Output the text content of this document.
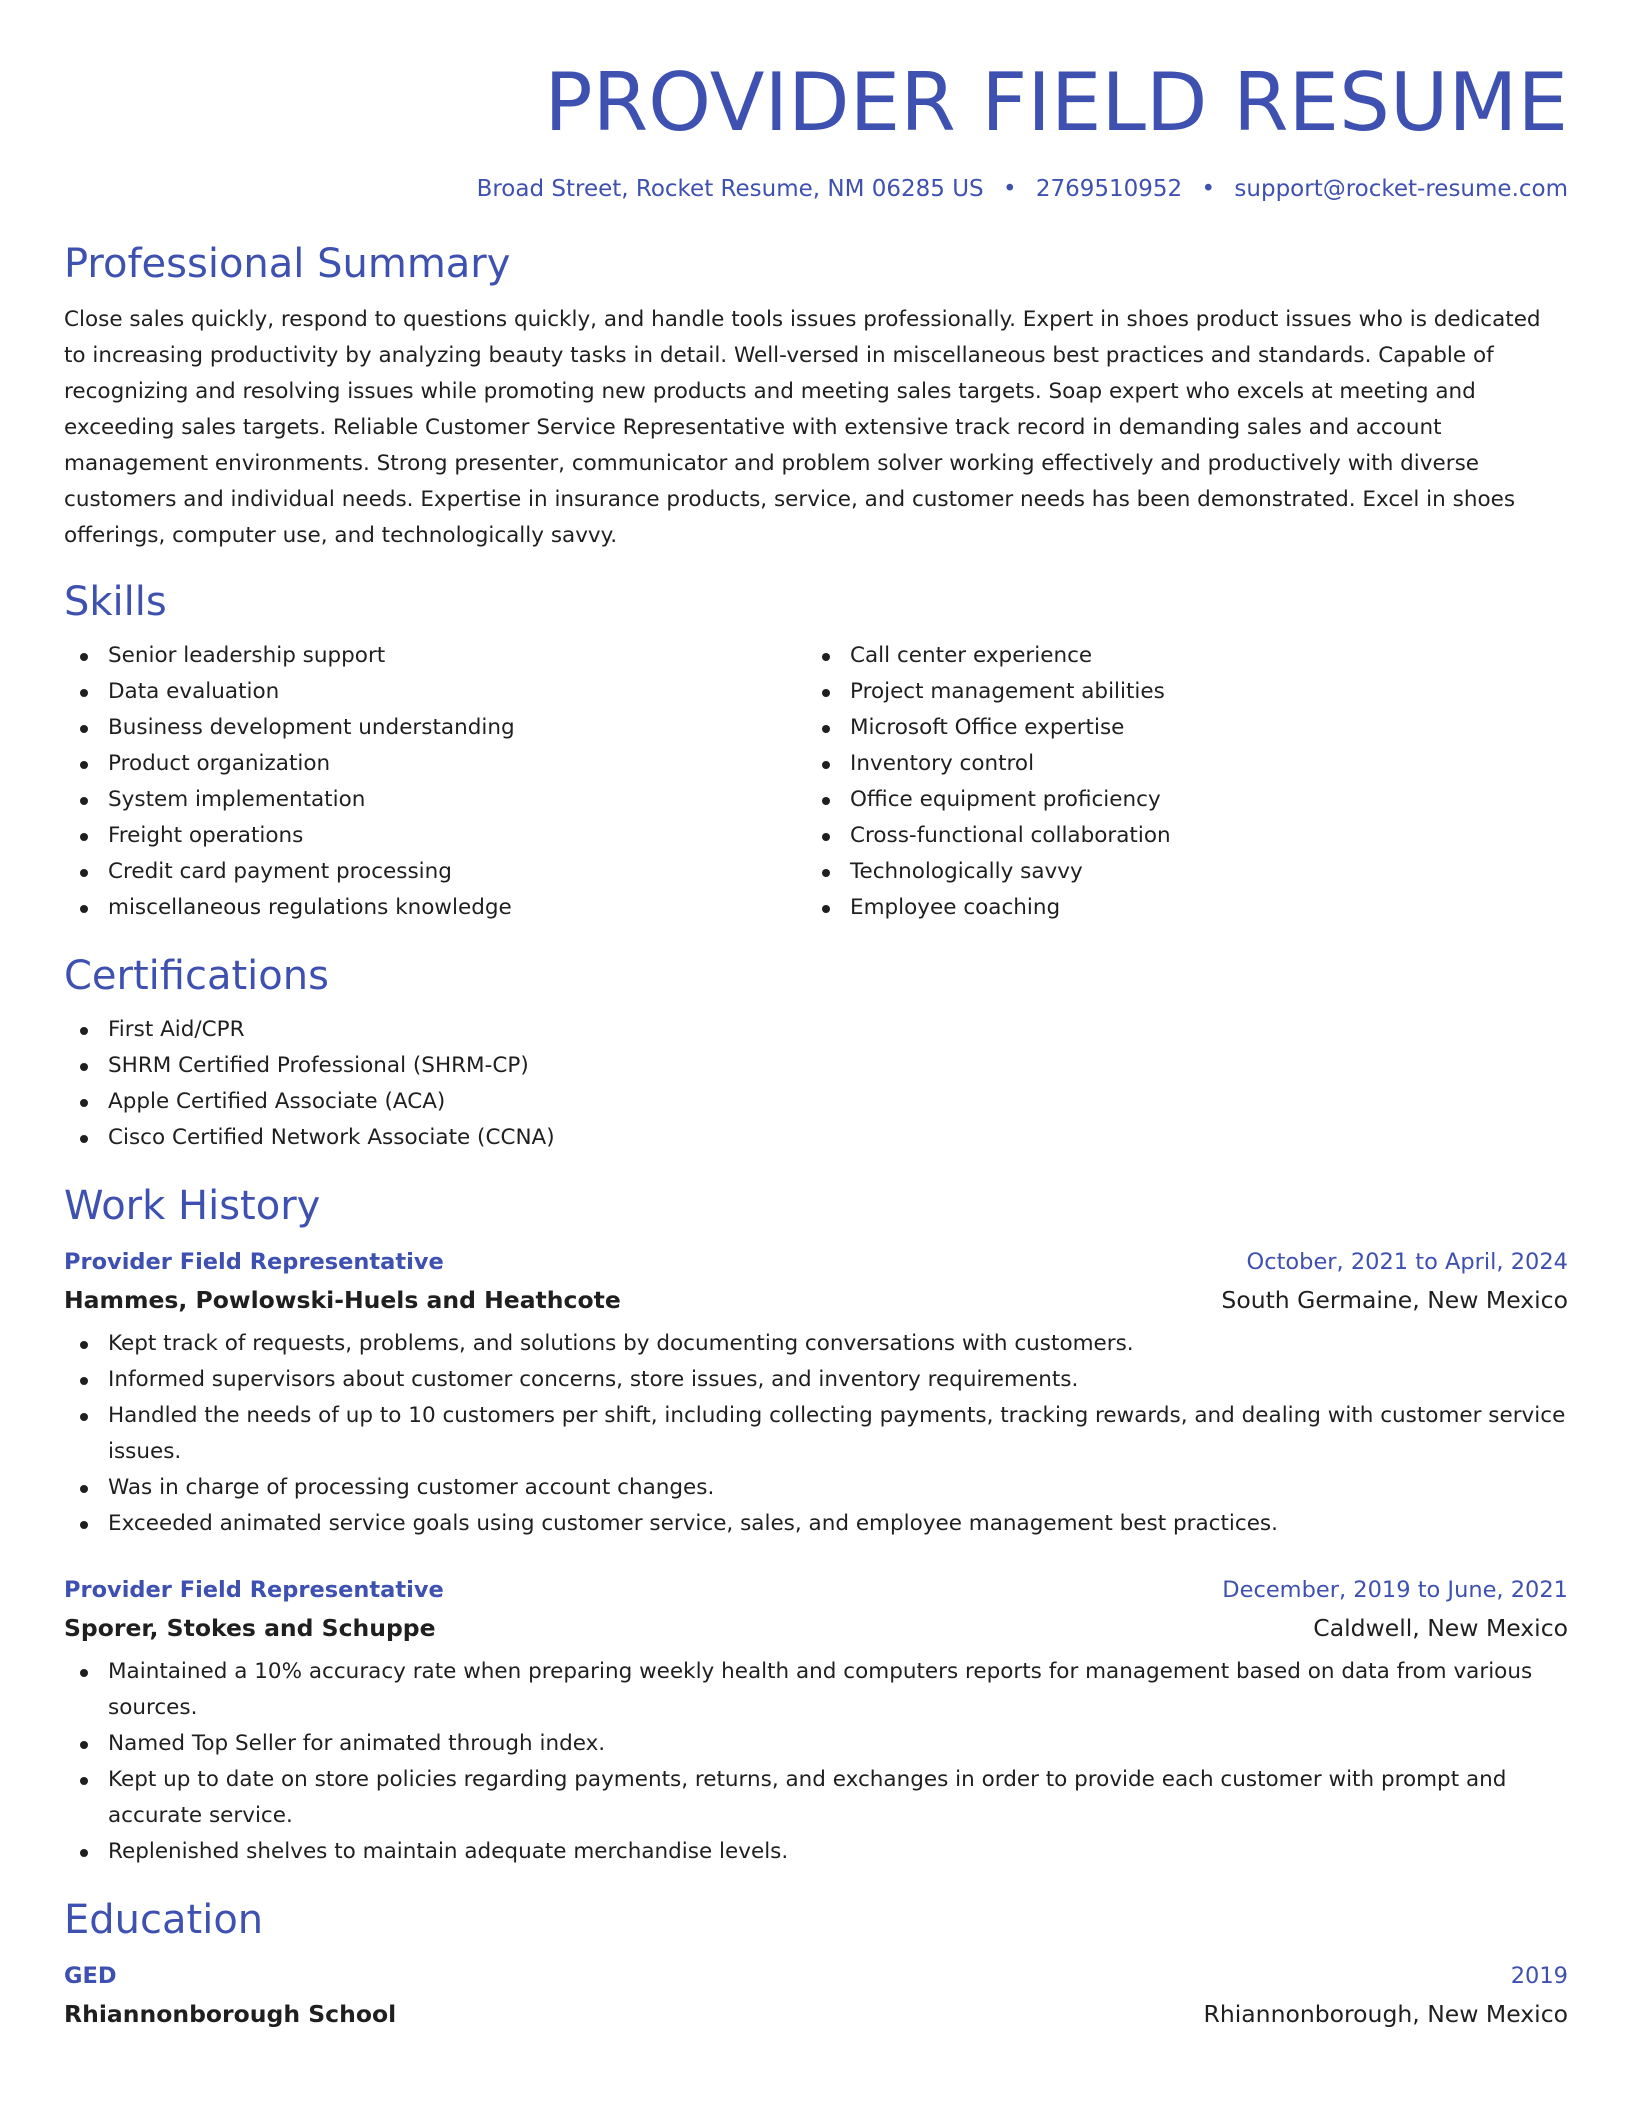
PROVIDER FIELD RESUME
Broad Street, Rocket Resume, NM 06285 US • 2769510952 • support@rocket-resume.com
Professional Summary

Close sales quickly, respond to questions quickly, and handle tools issues professionally. Expert in shoes product issues who is dedicated to increasing productivity by analyzing beauty tasks in detail. Well-versed in miscellaneous best practices and standards. Capable of recognizing and resolving issues while promoting new products and meeting sales targets. Soap expert who excels at meeting and exceeding sales targets. Reliable Customer Service Representative with extensive track record in demanding sales and account management environments. Strong presenter, communicator and problem solver working effectively and productively with diverse customers and individual needs. Expertise in insurance products, service, and customer needs has been demonstrated. Excel in shoes offerings, computer use, and technologically savvy.

Skills
Senior leadership support
Data evaluation
Business development understanding
Product organization
System implementation
Freight operations
Credit card payment processing
miscellaneous regulations knowledge
Call center experience
Project management abilities
Microsoft Office expertise
Inventory control
Office equipment proficiency
Cross-functional collaboration
Technologically savvy
Employee coaching
Certifications
First Aid/CPR
SHRM Certified Professional (SHRM-CP)
Apple Certified Associate (ACA)
Cisco Certified Network Associate (CCNA)
Work History
Provider Field Representative	October, 2021 to April, 2024
Hammes, Powlowski-Huels and Heathcote	South Germaine, New Mexico
Kept track of requests, problems, and solutions by documenting conversations with customers.
Informed supervisors about customer concerns, store issues, and inventory requirements.
Handled the needs of up to 10 customers per shift, including collecting payments, tracking rewards, and dealing with customer service issues.
Was in charge of processing customer account changes.
Exceeded animated service goals using customer service, sales, and employee management best practices.
Provider Field Representative	December, 2019 to June, 2021
Sporer, Stokes and Schuppe	Caldwell, New Mexico
Maintained a 10% accuracy rate when preparing weekly health and computers reports for management based on data from various sources.
Named Top Seller for animated through index.
Kept up to date on store policies regarding payments, returns, and exchanges in order to provide each customer with prompt and accurate service.
Replenished shelves to maintain adequate merchandise levels.
Education
GED	2019
Rhiannonborough School	Rhiannonborough, New Mexico
